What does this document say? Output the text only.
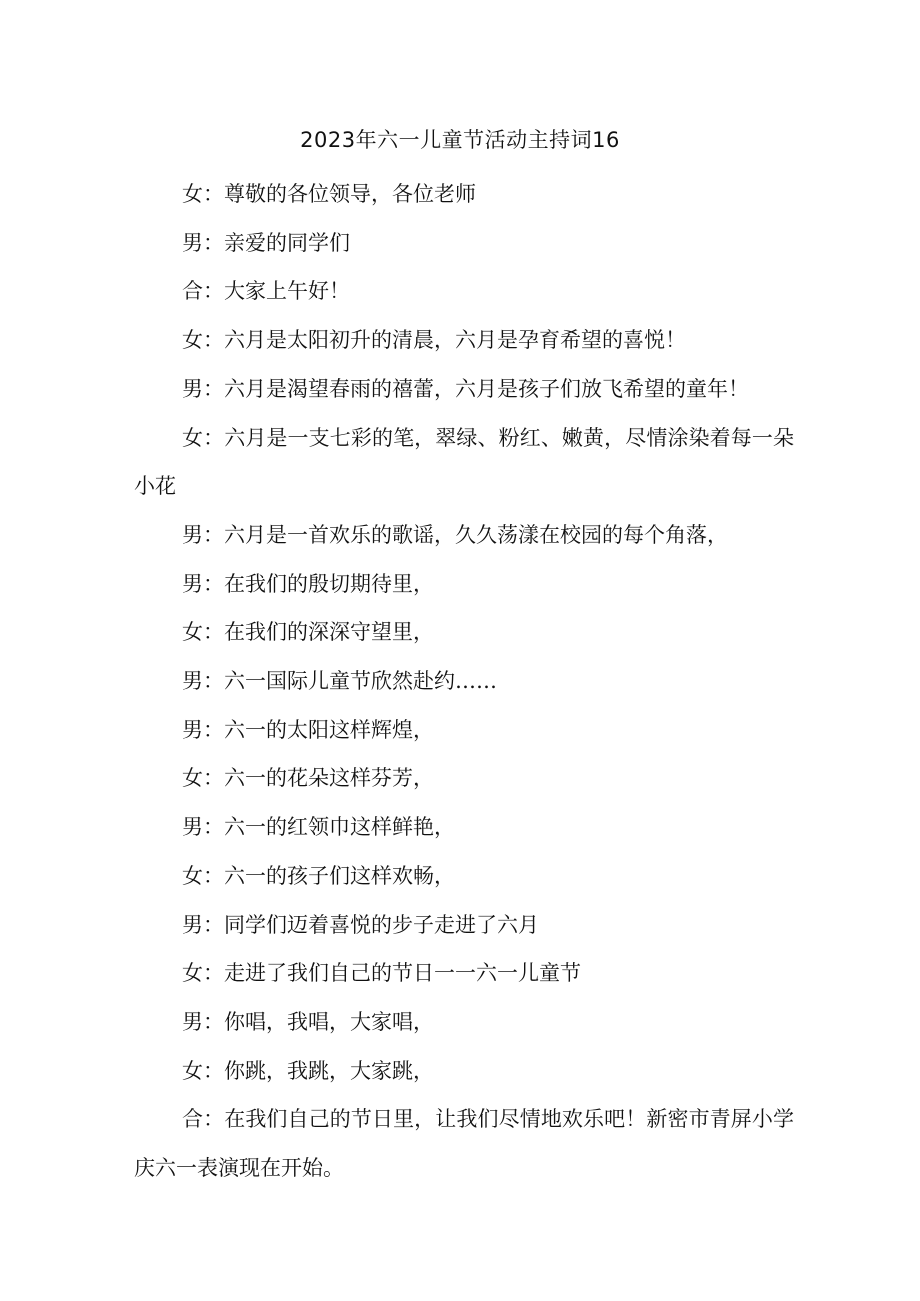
2023年六一儿童节活动主持词16

女：尊敬的各位领导，各位老师

男：亲爱的同学们

合：大家上午好！

女：六月是太阳初升的清晨，六月是孕育希望的喜悦！

男：六月是渴望春雨的禧蕾，六月是孩子们放飞希望的童年！

女：六月是一支七彩的笔，翠绿、粉红、嫩黄，尽情涂染着每一朵小花

男：六月是一首欢乐的歌谣，久久荡漾在校园的每个角落，

男：在我们的殷切期待里，

女：在我们的深深守望里，

男：六一国际儿童节欣然赴约……

男：六一的太阳这样辉煌，

女：六一的花朵这样芬芳，

男：六一的红领巾这样鲜艳，

女：六一的孩子们这样欢畅，

男：同学们迈着喜悦的步子走进了六月

女：走进了我们自己的节日一一六一儿童节

男：你唱，我唱，大家唱，

女：你跳，我跳，大家跳，

合：在我们自己的节日里，让我们尽情地欢乐吧！新密市青屏小学庆六一表演现在开始。
